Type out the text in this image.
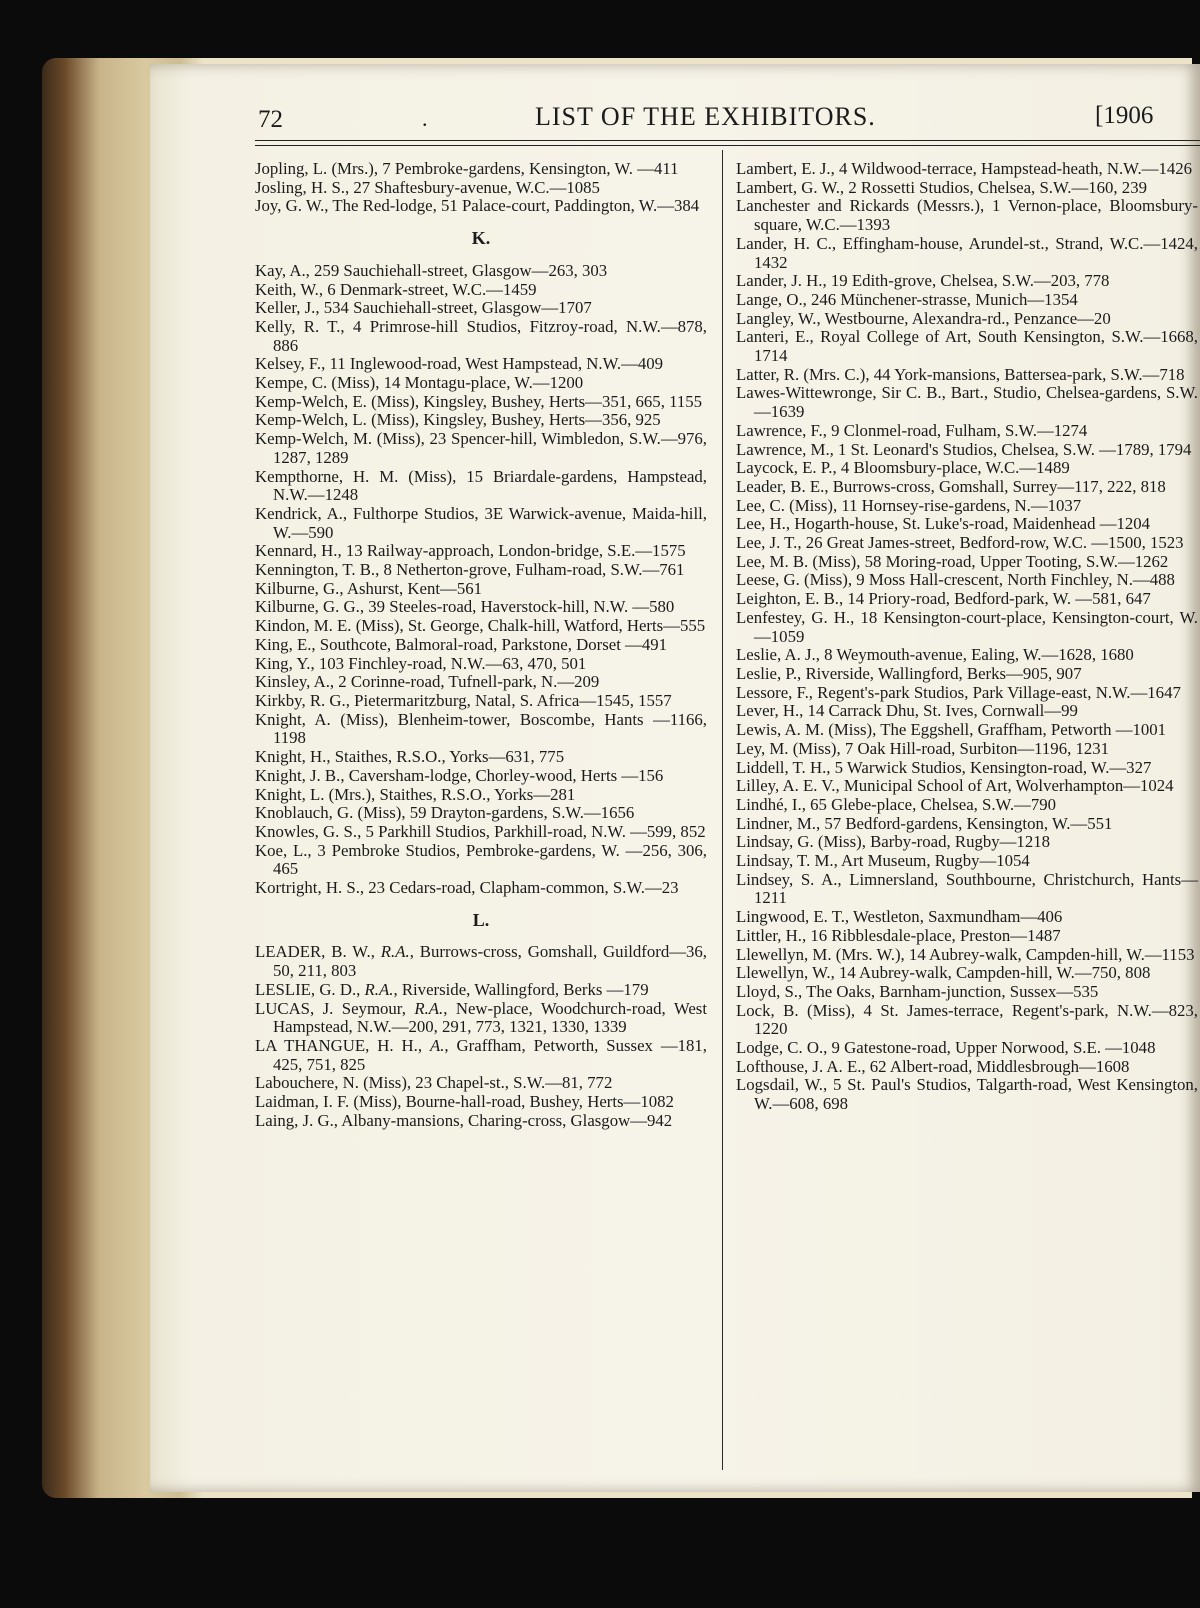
72	.	LIST OF THE EXHIBITORS.	[1906

Jopling, L. (Mrs.), 7 Pembroke-gardens, Kensington, W. —411

Josling, H. S., 27 Shaftesbury-avenue, W.C.—1085

Joy, G. W., The Red-lodge, 51 Palace-court, Paddington, W.—384

K.

Kay, A., 259 Sauchiehall-street, Glasgow—263, 303

Keith, W., 6 Denmark-street, W.C.—1459

Keller, J., 534 Sauchiehall-street, Glasgow—1707

Kelly, R. T., 4 Primrose-hill Studios, Fitzroy-road, N.W.—878, 886

Kelsey, F., 11 Inglewood-road, West Hampstead, N.W.—409

Kempe, C. (Miss), 14 Montagu-place, W.—1200

Kemp-Welch, E. (Miss), Kingsley, Bushey, Herts—351, 665, 1155

Kemp-Welch, L. (Miss), Kingsley, Bushey, Herts—356, 925

Kemp-Welch, M. (Miss), 23 Spencer-hill, Wimbledon, S.W.—976, 1287, 1289

Kempthorne, H. M. (Miss), 15 Briardale-gardens, Hampstead, N.W.—1248

Kendrick, A., Fulthorpe Studios, 3E Warwick-avenue, Maida-hill, W.—590

Kennard, H., 13 Railway-approach, London-bridge, S.E.—1575

Kennington, T. B., 8 Netherton-grove, Fulham-road, S.W.—761

Kilburne, G., Ashurst, Kent—561

Kilburne, G. G., 39 Steeles-road, Haverstock-hill, N.W. —580

Kindon, M. E. (Miss), St. George, Chalk-hill, Watford, Herts—555

King, E., Southcote, Balmoral-road, Parkstone, Dorset —491

King, Y., 103 Finchley-road, N.W.—63, 470, 501

Kinsley, A., 2 Corinne-road, Tufnell-park, N.—209

Kirkby, R. G., Pietermaritzburg, Natal, S. Africa—1545, 1557

Knight, A. (Miss), Blenheim-tower, Boscombe, Hants —1166, 1198

Knight, H., Staithes, R.S.O., Yorks—631, 775

Knight, J. B., Caversham-lodge, Chorley-wood, Herts —156

Knight, L. (Mrs.), Staithes, R.S.O., Yorks—281

Knoblauch, G. (Miss), 59 Drayton-gardens, S.W.—1656

Knowles, G. S., 5 Parkhill Studios, Parkhill-road, N.W. —599, 852

Koe, L., 3 Pembroke Studios, Pembroke-gardens, W. —256, 306, 465

Kortright, H. S., 23 Cedars-road, Clapham-common, S.W.—23

L.

LEADER, B. W., R.A., Burrows-cross, Gomshall, Guildford—36, 50, 211, 803

LESLIE, G. D., R.A., Riverside, Wallingford, Berks —179

LUCAS, J. Seymour, R.A., New-place, Woodchurch-road, West Hampstead, N.W.—200, 291, 773, 1321, 1330, 1339

LA THANGUE, H. H., A., Graffham, Petworth, Sussex —181, 425, 751, 825

Labouchere, N. (Miss), 23 Chapel-st., S.W.—81, 772

Laidman, I. F. (Miss), Bourne-hall-road, Bushey, Herts—1082

Laing, J. G., Albany-mansions, Charing-cross, Glasgow—942

Lambert, E. J., 4 Wildwood-terrace, Hampstead-heath, N.W.—1426

Lambert, G. W., 2 Rossetti Studios, Chelsea, S.W.—160, 239

Lanchester and Rickards (Messrs.), 1 Vernon-place, Bloomsbury-square, W.C.—1393

Lander, H. C., Effingham-house, Arundel-st., Strand, W.C.—1424, 1432

Lander, J. H., 19 Edith-grove, Chelsea, S.W.—203, 778

Lange, O., 246 Münchener-strasse, Munich—1354

Langley, W., Westbourne, Alexandra-rd., Penzance—20

Lanteri, E., Royal College of Art, South Kensington, S.W.—1668, 1714

Latter, R. (Mrs. C.), 44 York-mansions, Battersea-park, S.W.—718

Lawes-Wittewronge, Sir C. B., Bart., Studio, Chelsea-gardens, S.W.—1639

Lawrence, F., 9 Clonmel-road, Fulham, S.W.—1274

Lawrence, M., 1 St. Leonard's Studios, Chelsea, S.W. —1789, 1794

Laycock, E. P., 4 Bloomsbury-place, W.C.—1489

Leader, B. E., Burrows-cross, Gomshall, Surrey—117, 222, 818

Lee, C. (Miss), 11 Hornsey-rise-gardens, N.—1037

Lee, H., Hogarth-house, St. Luke's-road, Maidenhead —1204

Lee, J. T., 26 Great James-street, Bedford-row, W.C. —1500, 1523

Lee, M. B. (Miss), 58 Moring-road, Upper Tooting, S.W.—1262

Leese, G. (Miss), 9 Moss Hall-crescent, North Finchley, N.—488

Leighton, E. B., 14 Priory-road, Bedford-park, W. —581, 647

Lenfestey, G. H., 18 Kensington-court-place, Kensington-court, W.—1059

Leslie, A. J., 8 Weymouth-avenue, Ealing, W.—1628, 1680

Leslie, P., Riverside, Wallingford, Berks—905, 907

Lessore, F., Regent's-park Studios, Park Village-east, N.W.—1647

Lever, H., 14 Carrack Dhu, St. Ives, Cornwall—99

Lewis, A. M. (Miss), The Eggshell, Graffham, Petworth —1001

Ley, M. (Miss), 7 Oak Hill-road, Surbiton—1196, 1231

Liddell, T. H., 5 Warwick Studios, Kensington-road, W.—327

Lilley, A. E. V., Municipal School of Art, Wolverhampton—1024

Lindhé, I., 65 Glebe-place, Chelsea, S.W.—790

Lindner, M., 57 Bedford-gardens, Kensington, W.—551

Lindsay, G. (Miss), Barby-road, Rugby—1218

Lindsay, T. M., Art Museum, Rugby—1054

Lindsey, S. A., Limnersland, Southbourne, Christchurch, Hants—1211

Lingwood, E. T., Westleton, Saxmundham—406

Littler, H., 16 Ribblesdale-place, Preston—1487

Llewellyn, M. (Mrs. W.), 14 Aubrey-walk, Campden-hill, W.—1153

Llewellyn, W., 14 Aubrey-walk, Campden-hill, W.—750, 808

Lloyd, S., The Oaks, Barnham-junction, Sussex—535

Lock, B. (Miss), 4 St. James-terrace, Regent's-park, N.W.—823, 1220

Lodge, C. O., 9 Gatestone-road, Upper Norwood, S.E. —1048

Lofthouse, J. A. E., 62 Albert-road, Middlesbrough—1608

Logsdail, W., 5 St. Paul's Studios, Talgarth-road, West Kensington, W.—608, 698
